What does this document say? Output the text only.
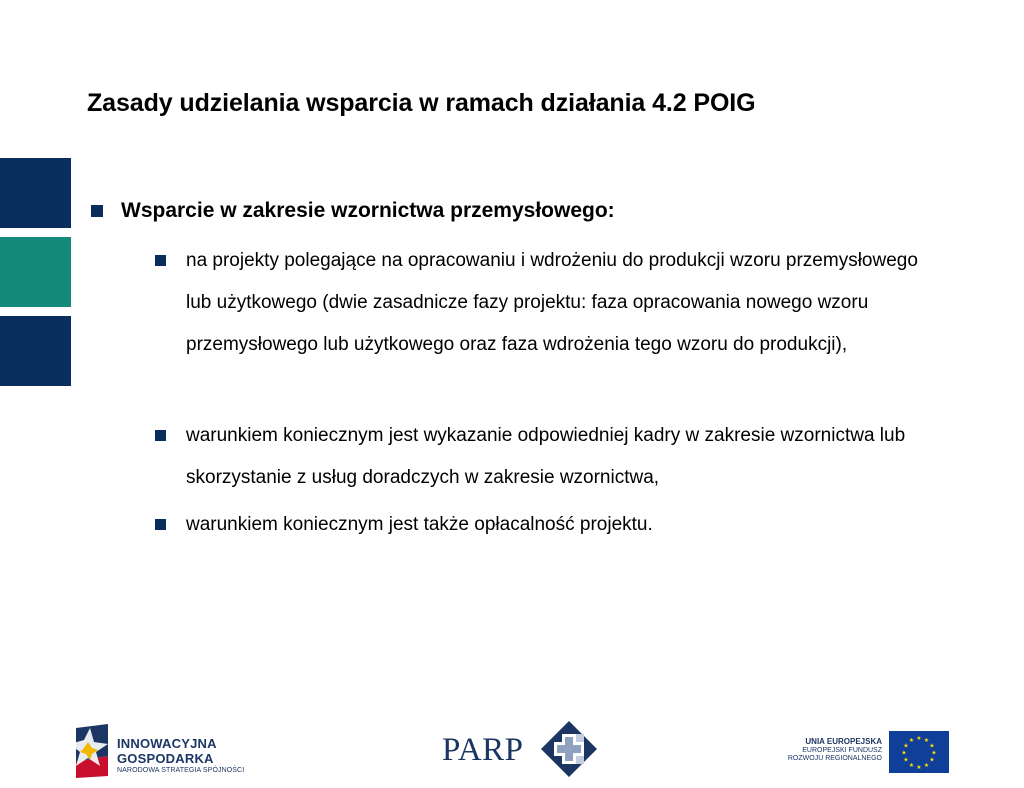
Zasady udzielania wsparcia w ramach działania 4.2 POIG
Wsparcie w zakresie wzornictwa przemysłowego:
na projekty polegające na opracowaniu i wdrożeniu do produkcji wzoru przemysłowego lub użytkowego (dwie zasadnicze fazy projektu: faza opracowania nowego wzoru przemysłowego lub użytkowego oraz faza wdrożenia tego wzoru do produkcji),
warunkiem koniecznym jest wykazanie odpowiedniej kadry w zakresie wzornictwa lub skorzystanie z usług doradczych w zakresie wzornictwa,
warunkiem koniecznym jest także opłacalność projektu.
INNOWACYJNA
GOSPODARKA
NARODOWA STRATEGIA SPÓJNOŚCI
PARP	UNIA EUROPEJSKA
EUROPEJSKI FUNDUSZ
ROZWOJU REGIONALNEGO
★ ★
★
★
★
★
★
★
★
★
★
★
